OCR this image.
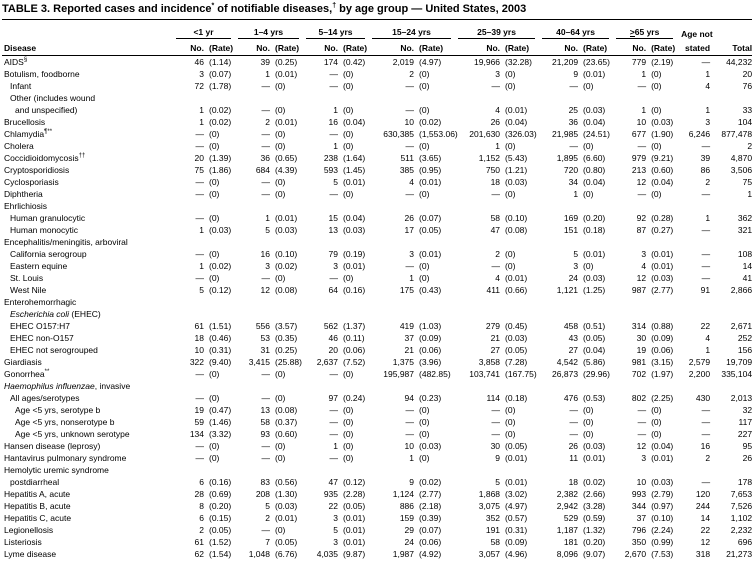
TABLE 3. Reported cases and incidence* of notifiable diseases,† by age group — United States, 2003

	<1 yr		1–4 yrs		5–14 yrs		15–24 yrs		25–39 yrs		40–64 yrs		>65 yrs		Age not	
Disease	No.	(Rate)	No.	(Rate)	No.	(Rate)	No.	(Rate)	No.	(Rate)	No.	(Rate)	No.	(Rate)	stated	Total
AIDS§	46	(1.14)	39	(0.25)	174	(0.42)	2,019	(4.97)	19,966	(32.28)	21,209	(23.65)	779	(2.19)	—	44,232
Botulism, foodborne	3	(0.07)	1	(0.01)	—	(0)	2	(0)	3	(0)	9	(0.01)	1	(0)	1	20
Infant	72	(1.78)	—	(0)	—	(0)	—	(0)	—	(0)	—	(0)	—	(0)	4	76
Other (includes wound																
and unspecified)	1	(0.02)	—	(0)	1	(0)	—	(0)	4	(0.01)	25	(0.03)	1	(0)	1	33
Brucellosis	1	(0.02)	2	(0.01)	16	(0.04)	10	(0.02)	26	(0.04)	36	(0.04)	10	(0.03)	3	104
Chlamydia¶**	—	(0)	—	(0)	—	(0)	630,385	(1,553.06)	201,630	(326.03)	21,985	(24.51)	677	(1.90)	6,246	877,478
Cholera	—	(0)	—	(0)	1	(0)	—	(0)	1	(0)	—	(0)	—	(0)	—	2
Coccidioidomycosis††	20	(1.39)	36	(0.65)	238	(1.64)	511	(3.65)	1,152	(5.43)	1,895	(6.60)	979	(9.21)	39	4,870
Cryptosporidiosis	75	(1.86)	684	(4.39)	593	(1.45)	385	(0.95)	750	(1.21)	720	(0.80)	213	(0.60)	86	3,506
Cyclosporiasis	—	(0)	—	(0)	5	(0.01)	4	(0.01)	18	(0.03)	34	(0.04)	12	(0.04)	2	75
Diphtheria	—	(0)	—	(0)	—	(0)	—	(0)	—	(0)	1	(0)	—	(0)	—	1
Ehrlichiosis																
Human granulocytic	—	(0)	1	(0.01)	15	(0.04)	26	(0.07)	58	(0.10)	169	(0.20)	92	(0.28)	1	362
Human monocytic	1	(0.03)	5	(0.03)	13	(0.03)	17	(0.05)	47	(0.08)	151	(0.18)	87	(0.27)	—	321
Encephalitis/meningitis, arboviral																
California serogroup	—	(0)	16	(0.10)	79	(0.19)	3	(0.01)	2	(0)	5	(0.01)	3	(0.01)	—	108
Eastern equine	1	(0.02)	3	(0.02)	3	(0.01)	—	(0)	—	(0)	3	(0)	4	(0.01)	—	14
St. Louis	—	(0)	—	(0)	—	(0)	1	(0)	4	(0.01)	24	(0.03)	12	(0.03)	—	41
West Nile	5	(0.12)	12	(0.08)	64	(0.16)	175	(0.43)	411	(0.66)	1,121	(1.25)	987	(2.77)	91	2,866
Enterohemorrhagic																
Escherichia coli (EHEC)																
EHEC O157:H7	61	(1.51)	556	(3.57)	562	(1.37)	419	(1.03)	279	(0.45)	458	(0.51)	314	(0.88)	22	2,671
EHEC non-O157	18	(0.46)	53	(0.35)	46	(0.11)	37	(0.09)	21	(0.03)	43	(0.05)	30	(0.09)	4	252
EHEC not serogrouped	10	(0.31)	31	(0.25)	20	(0.06)	21	(0.06)	27	(0.05)	27	(0.04)	19	(0.06)	1	156
Giardiasis	322	(9.40)	3,415	(25.88)	2,637	(7.52)	1,375	(3.96)	3,858	(7.28)	4,542	(5.86)	981	(3.15)	2,579	19,709
Gonorrhea**	—	(0)	—	(0)	—	(0)	195,987	(482.85)	103,741	(167.75)	26,873	(29.96)	702	(1.97)	2,200	335,104
Haemophilus influenzae, invasive																
All ages/serotypes	—	(0)	—	(0)	97	(0.24)	94	(0.23)	114	(0.18)	476	(0.53)	802	(2.25)	430	2,013
Age <5 yrs, serotype b	19	(0.47)	13	(0.08)	—	(0)	—	(0)	—	(0)	—	(0)	—	(0)	—	32
Age <5 yrs, nonserotype b	59	(1.46)	58	(0.37)	—	(0)	—	(0)	—	(0)	—	(0)	—	(0)	—	117
Age <5 yrs, unknown serotype	134	(3.32)	93	(0.60)	—	(0)	—	(0)	—	(0)	—	(0)	—	(0)	—	227
Hansen disease (leprosy)	—	(0)	—	(0)	1	(0)	10	(0.03)	30	(0.05)	26	(0.03)	12	(0.04)	16	95
Hantavirus pulmonary syndrome	—	(0)	—	(0)	—	(0)	1	(0)	9	(0.01)	11	(0.01)	3	(0.01)	2	26
Hemolytic uremic syndrome																
postdiarrheal	6	(0.16)	83	(0.56)	47	(0.12)	9	(0.02)	5	(0.01)	18	(0.02)	10	(0.03)	—	178
Hepatitis A, acute	28	(0.69)	208	(1.30)	935	(2.28)	1,124	(2.77)	1,868	(3.02)	2,382	(2.66)	993	(2.79)	120	7,653
Hepatitis B, acute	8	(0.20)	5	(0.03)	22	(0.05)	886	(2.18)	3,075	(4.97)	2,942	(3.28)	344	(0.97)	244	7,526
Hepatitis C, acute	6	(0.15)	2	(0.01)	3	(0.01)	159	(0.39)	352	(0.57)	529	(0.59)	37	(0.10)	14	1,102
Legionellosis	2	(0.05)	—	(0)	5	(0.01)	29	(0.07)	191	(0.31)	1,187	(1.32)	796	(2.24)	22	2,232
Listeriosis	61	(1.52)	7	(0.05)	3	(0.01)	24	(0.06)	58	(0.09)	181	(0.20)	350	(0.99)	12	696
Lyme disease	62	(1.54)	1,048	(6.76)	4,035	(9.87)	1,987	(4.92)	3,057	(4.96)	8,096	(9.07)	2,670	(7.53)	318	21,273
